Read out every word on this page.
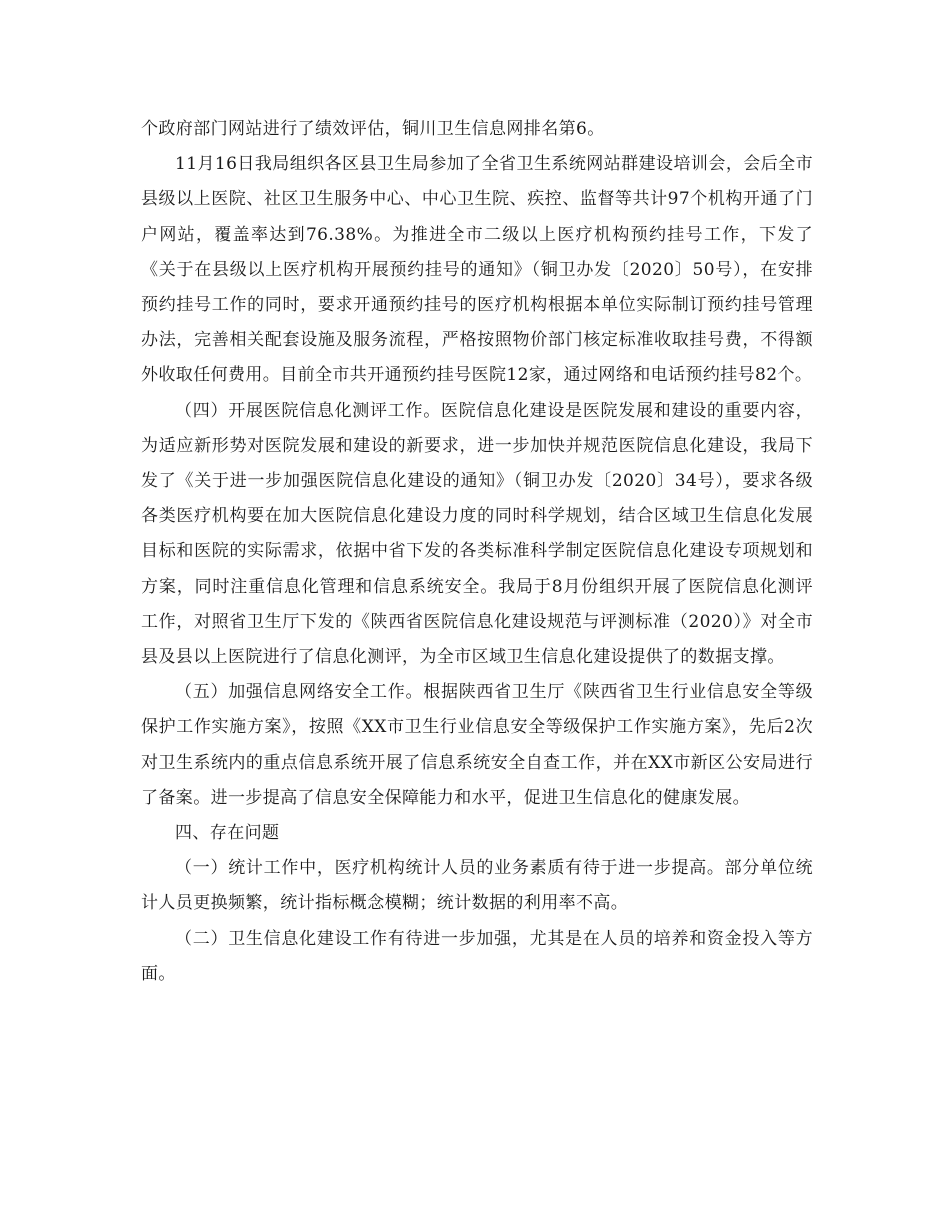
个政府部门网站进行了绩效评估，铜川卫生信息网排名第6。

11月16日我局组织各区县卫生局参加了全省卫生系统网站群建设培训会，会后全市县级以上医院、社区卫生服务中心、中心卫生院、疾控、监督等共计97个机构开通了门户网站，覆盖率达到76.38%。为推进全市二级以上医疗机构预约挂号工作，下发了《关于在县级以上医疗机构开展预约挂号的通知》（铜卫办发〔2020〕50号），在安排预约挂号工作的同时，要求开通预约挂号的医疗机构根据本单位实际制订预约挂号管理办法，完善相关配套设施及服务流程，严格按照物价部门核定标准收取挂号费，不得额外收取任何费用。目前全市共开通预约挂号医院12家，通过网络和电话预约挂号82个。

（四）开展医院信息化测评工作。医院信息化建设是医院发展和建设的重要内容，为适应新形势对医院发展和建设的新要求，进一步加快并规范医院信息化建设，我局下发了《关于进一步加强医院信息化建设的通知》（铜卫办发〔2020〕34号），要求各级各类医疗机构要在加大医院信息化建设力度的同时科学规划，结合区域卫生信息化发展目标和医院的实际需求，依据中省下发的各类标准科学制定医院信息化建设专项规划和方案，同时注重信息化管理和信息系统安全。我局于8月份组织开展了医院信息化测评工作，对照省卫生厅下发的《陕西省医院信息化建设规范与评测标准（2020）》对全市县及县以上医院进行了信息化测评，为全市区域卫生信息化建设提供了的数据支撑。

（五）加强信息网络安全工作。根据陕西省卫生厅《陕西省卫生行业信息安全等级保护工作实施方案》，按照《XX市卫生行业信息安全等级保护工作实施方案》，先后2次对卫生系统内的重点信息系统开展了信息系统安全自查工作，并在XX市新区公安局进行了备案。进一步提高了信息安全保障能力和水平，促进卫生信息化的健康发展。

四、存在问题

（一）统计工作中，医疗机构统计人员的业务素质有待于进一步提高。部分单位统计人员更换频繁，统计指标概念模糊；统计数据的利用率不高。

（二）卫生信息化建设工作有待进一步加强，尤其是在人员的培养和资金投入等方面。
